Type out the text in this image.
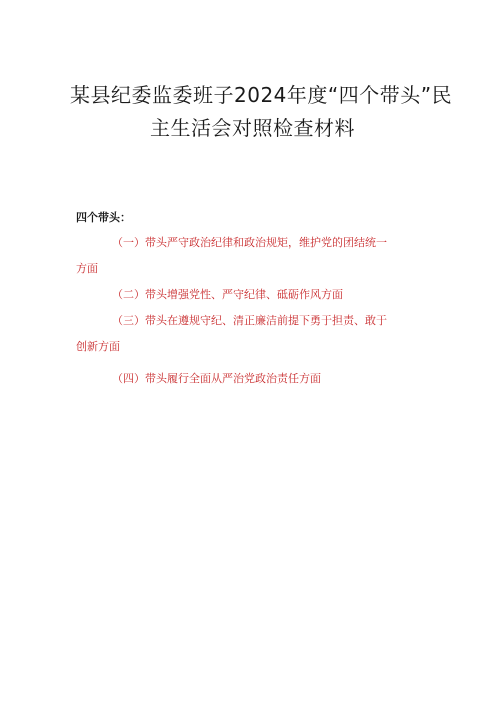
某县纪委监委班子2024年度“四个带头”民
主生活会对照检查材料

四个带头：

（一）带头严守政治纪律和政治规矩，维护党的团结统一
方面

（二）带头增强党性、严守纪律、砥砺作风方面

（三）带头在遵规守纪、清正廉洁前提下勇于担责、敢于
创新方面

（四）带头履行全面从严治党政治责任方面
